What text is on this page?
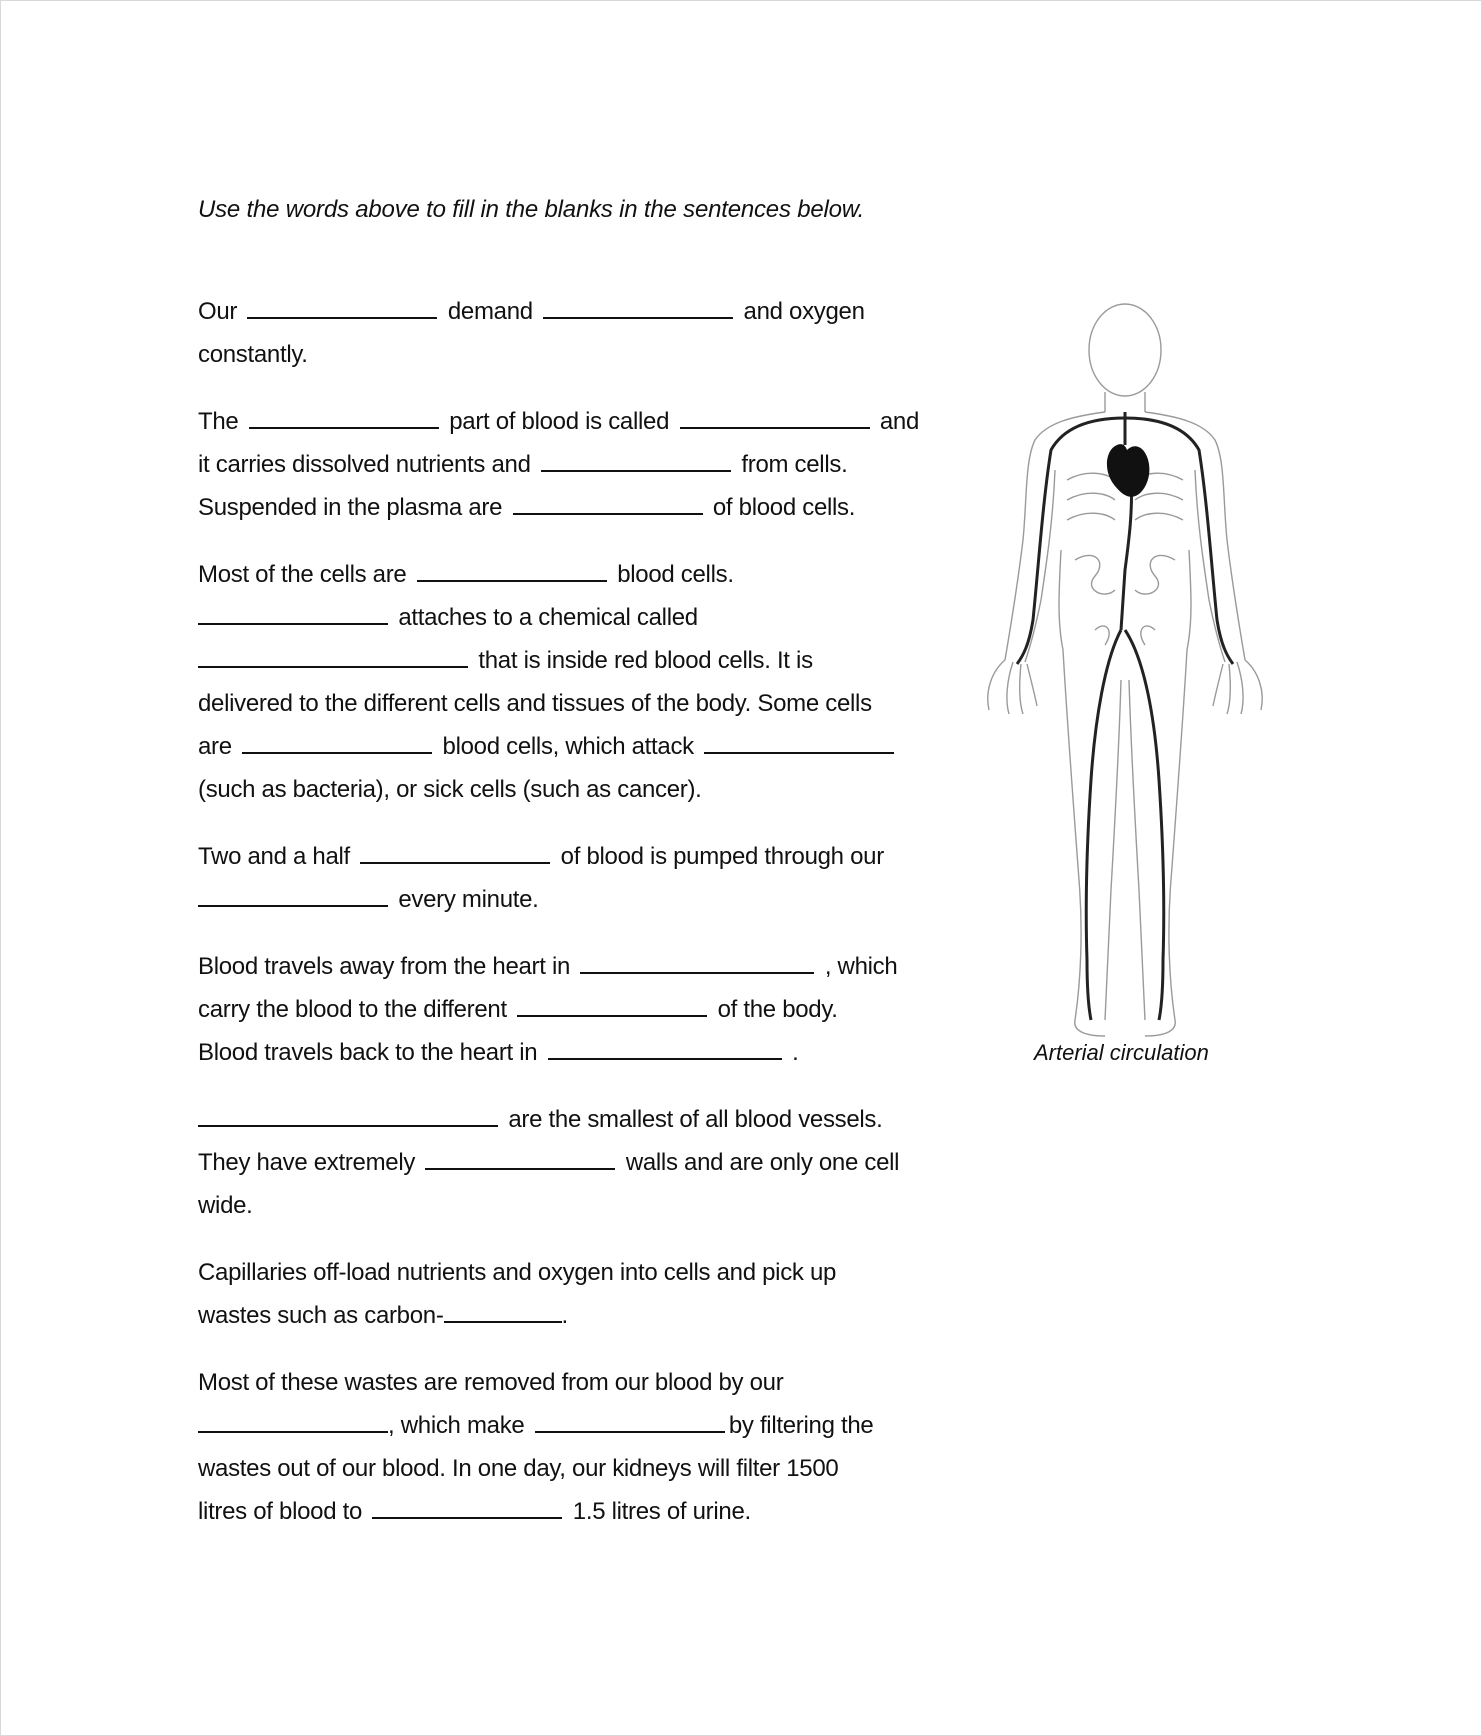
Use the words above to fill in the blanks in the sentences below.
Our	demand	and oxygen
constantly.
The	part of blood is called	and
it carries dissolved nutrients and	from cells.
Suspended in the plasma are	of blood cells.
Most of the cells are	blood cells.
attaches to a chemical called
that is inside red blood cells. It is
delivered to the different cells and tissues of the body. Some cells
are	blood cells, which attack
(such as bacteria), or sick cells (such as cancer).
Two and a half	of blood is pumped through our
every minute.
Blood travels away from the heart in	, which
carry the blood to the different	of the body.
Blood travels back to the heart in	.
are the smallest of all blood vessels.
They have extremely	walls and are only one cell
wide.
Capillaries off-load nutrients and oxygen into cells and pick up
wastes such as carbon-	.
Most of these wastes are removed from our blood by our
, which make	by filtering the
wastes out of our blood. In one day, our kidneys will filter 1500
litres of blood to	1.5 litres of urine.
Arterial circulation
